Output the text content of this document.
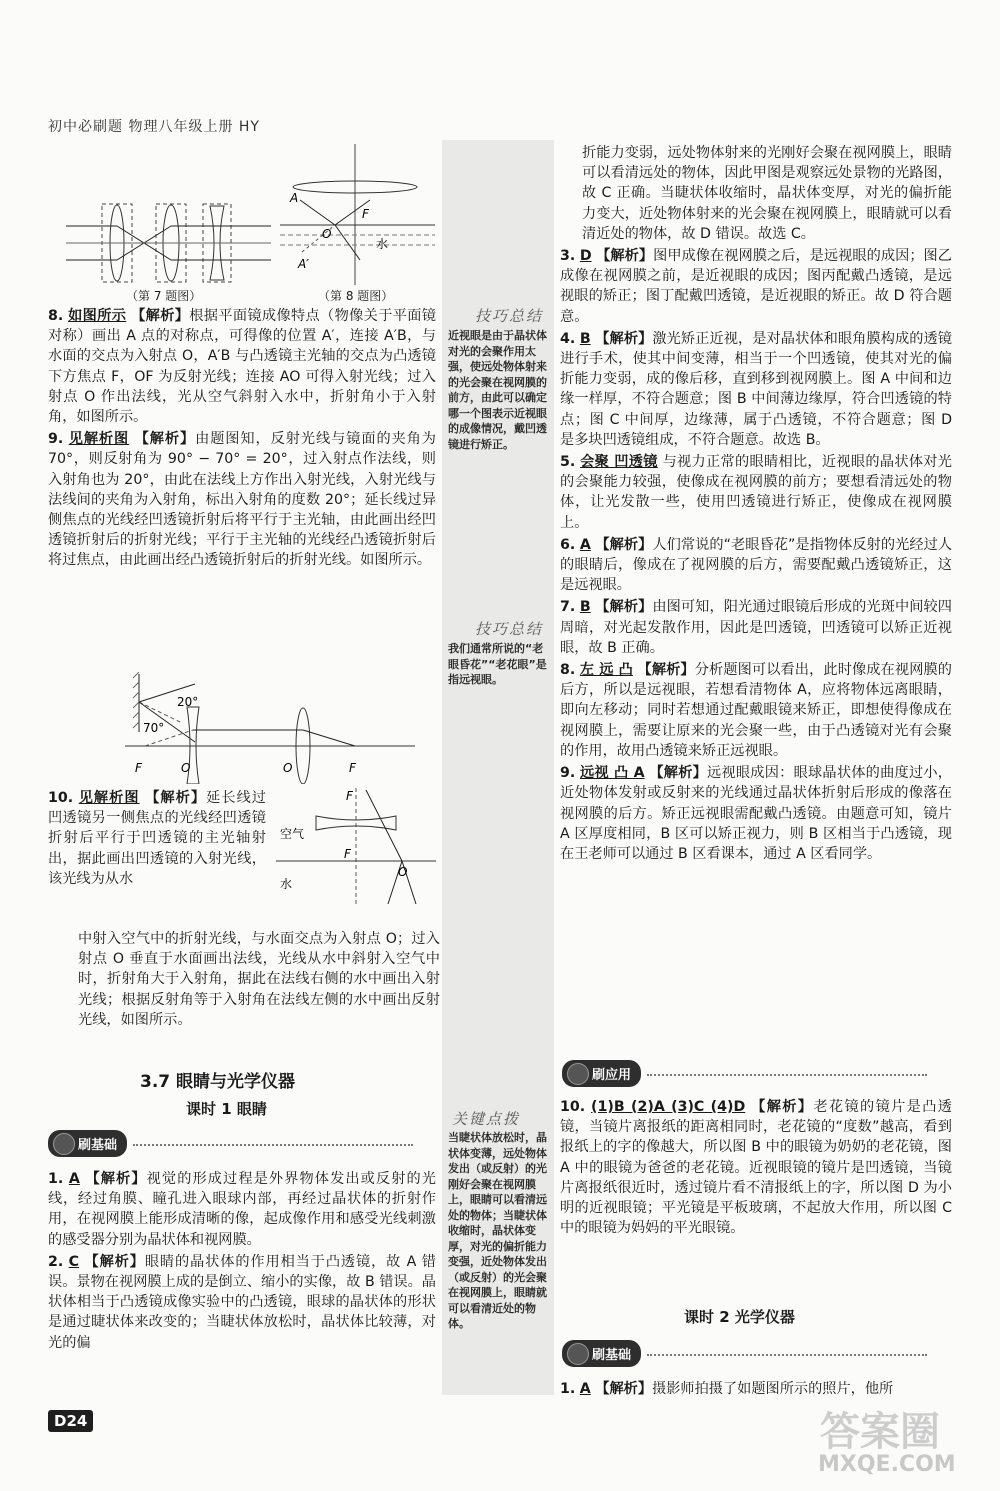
初中必刷题 物理八年级上册 HY
（第 7 题图）
A
A′
F
O
水
（第 8 题图）

8. 如图所示 【解析】根据平面镜成像特点（物像关于平面镜对称）画出 A 点的对称点，可得像的位置 A′，连接 A′B，与水面的交点为入射点 O，A′B 与凸透镜主光轴的交点为凸透镜下方焦点 F，OF 为反射光线；连接 AO 可得入射光线；过入射点 O 作出法线，光从空气斜射入水中，折射角小于入射角，如图所示。

9. 见解析图 【解析】由题图知，反射光线与镜面的夹角为 70°，则反射角为 90° − 70° = 20°，过入射点作法线，则入射角也为 20°，由此在法线上方作出入射光线，入射光线与法线间的夹角为入射角，标出入射角的度数 20°；延长线过异侧焦点的光线经凹透镜折射后将平行于主光轴，由此画出经凹透镜折射后的折射光线；平行于主光轴的光线经凸透镜折射后将过焦点，由此画出经凸透镜折射后的折射光线。如图所示。

20°
70°
F	O	O	F
10. 见解析图 【解析】延长线过凹透镜另一侧焦点的光线经凹透镜折射后平行于凹透镜的主光轴射出，据此画出凹透镜的入射光线，该光线为从水
空气
水
F
F
O
中射入空气中的折射光线，与水面交点为入射点 O；过入射点 O 垂直于水面画出法线，光线从水中斜射入空气中时，折射角大于入射角，据此在法线右侧的水中画出入射光线；根据反射角等于入射角在法线左侧的水中画出反射光线，如图所示。
3.7 眼睛与光学仪器
课时 1 眼睛
刷基础

1. A 【解析】视觉的形成过程是外界物体发出或反射的光线，经过角膜、瞳孔进入眼球内部，再经过晶状体的折射作用，在视网膜上能形成清晰的像，起成像作用和感受光线刺激的感受器分别为晶状体和视网膜。

2. C 【解析】眼睛的晶状体的作用相当于凸透镜，故 A 错误。景物在视网膜上成的是倒立、缩小的实像，故 B 错误。晶状体相当于凸透镜成像实验中的凸透镜，眼球的晶状体的形状是通过睫状体来改变的；当睫状体放松时，晶状体比较薄，对光的偏

技巧总结
近视眼是由于晶状体对光的会聚作用太强，使远处物体射来的光会聚在视网膜的前方，由此可以确定哪一个图表示近视眼的成像情况，戴凹透镜进行矫正。
技巧总结
我们通常所说的“老眼昏花”“老花眼”是指远视眼。
关键点拨
当睫状体放松时，晶状体变薄，远处物体发出（或反射）的光刚好会聚在视网膜上，眼睛可以看清远处的物体；当睫状体收缩时，晶状体变厚，对光的偏折能力变强，近处物体发出（或反射）的光会聚在视网膜上，眼睛就可以看清近处的物体。

折能力变弱，远处物体射来的光刚好会聚在视网膜上，眼睛可以看清远处的物体，因此甲图是观察远处景物的光路图，故 C 正确。当睫状体收缩时，晶状体变厚，对光的偏折能力变大，近处物体射来的光会聚在视网膜上，眼睛就可以看清近处的物体，故 D 错误。故选 C。

3. D 【解析】图甲成像在视网膜之后，是远视眼的成因；图乙成像在视网膜之前，是近视眼的成因；图丙配戴凸透镜，是远视眼的矫正；图丁配戴凹透镜，是近视眼的矫正。故 D 符合题意。

4. B 【解析】激光矫正近视，是对晶状体和眼角膜构成的透镜进行手术，使其中间变薄，相当于一个凹透镜，使其对光的偏折能力变弱，成的像后移，直到移到视网膜上。图 A 中间和边缘一样厚，不符合题意；图 B 中间薄边缘厚，符合凹透镜的特点；图 C 中间厚，边缘薄，属于凸透镜，不符合题意；图 D 是多块凹透镜组成，不符合题意。故选 B。

5. 会聚 凹透镜 与视力正常的眼睛相比，近视眼的晶状体对光的会聚能力较强，使像成在视网膜的前方；要想看清远处的物体，让光发散一些，使用凹透镜进行矫正，使像成在视网膜上。

6. A 【解析】人们常说的“老眼昏花”是指物体反射的光经过人的眼睛后，像成在了视网膜的后方，需要配戴凸透镜矫正，这是远视眼。

7. B 【解析】由图可知，阳光通过眼镜后形成的光斑中间较四周暗，对光起发散作用，因此是凹透镜，凹透镜可以矫正近视眼，故 B 正确。

8. 左 远 凸 【解析】分析题图可以看出，此时像成在视网膜的后方，所以是远视眼，若想看清物体 A，应将物体远离眼睛，即向左移动；同时若想通过配戴眼镜来矫正，即想使得像成在视网膜上，需要让原来的光会聚一些，由于凸透镜对光有会聚的作用，故用凸透镜来矫正远视眼。

9. 远视 凸 A 【解析】远视眼成因：眼球晶状体的曲度过小，近处物体发射或反射来的光线通过晶状体折射后形成的像落在视网膜的后方。矫正远视眼需配戴凸透镜。由题意可知，镜片 A 区厚度相同，B 区可以矫正视力，则 B 区相当于凸透镜，现在王老师可以通过 B 区看课本，通过 A 区看同学。

刷应用

10. (1)B (2)A (3)C (4)D 【解析】老花镜的镜片是凸透镜，当镜片离报纸的距离相同时，老花镜的“度数”越高，看到报纸上的字的像越大，所以图 B 中的眼镜为奶奶的老花镜，图 A 中的眼镜为爸爸的老花镜。近视眼镜的镜片是凹透镜，当镜片离报纸很近时，透过镜片看不清报纸上的字，所以图 D 为小明的近视眼镜；平光镜是平板玻璃，不起放大作用，所以图 C 中的眼镜为妈妈的平光眼镜。

课时 2 光学仪器
刷基础

1. A 【解析】摄影师拍摄了如题图所示的照片，他所

D24	答案圈
MXQE.COM
